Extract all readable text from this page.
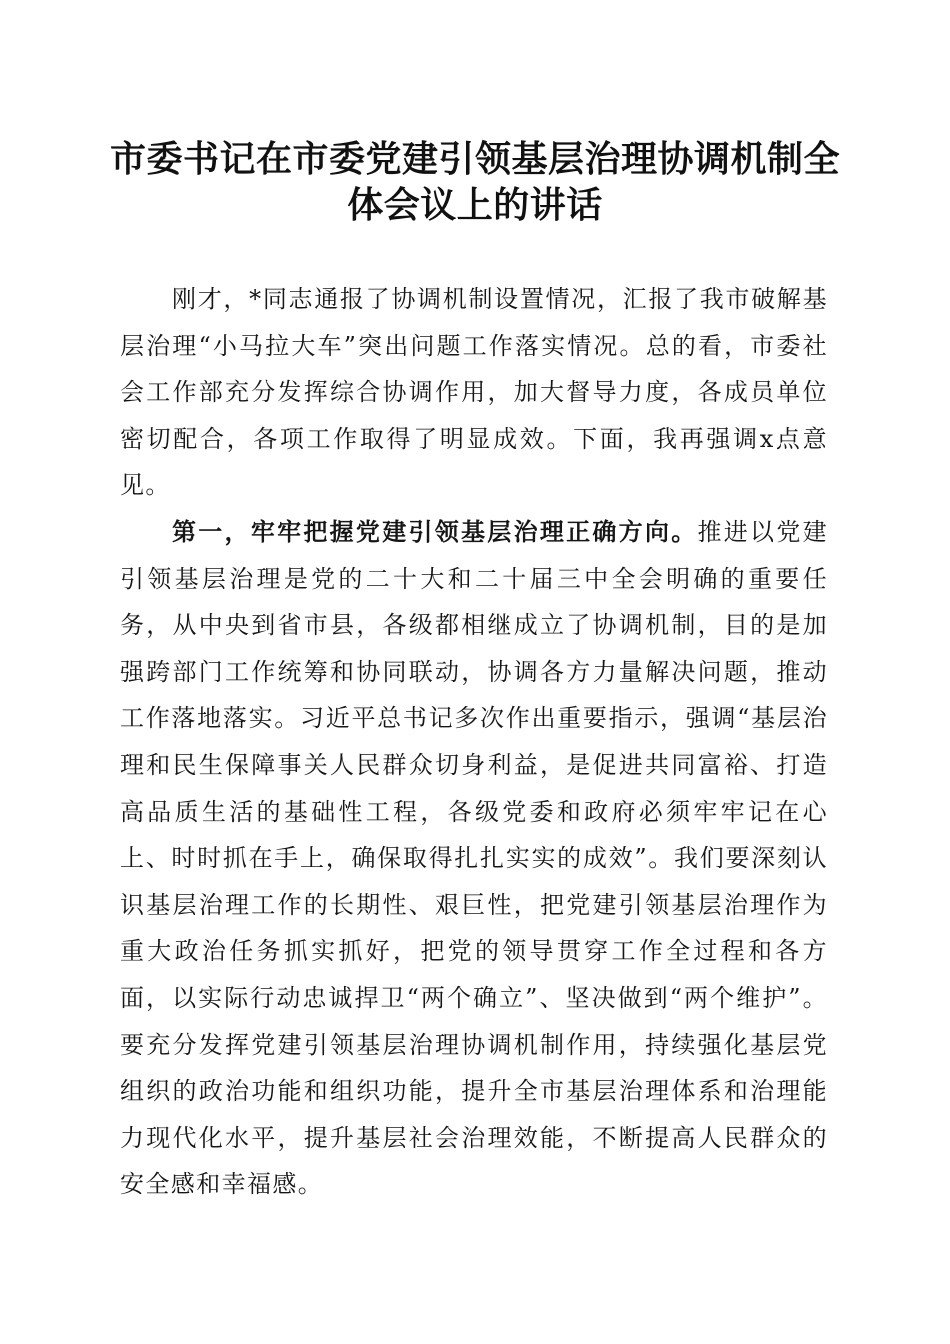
市委书记在市委党建引领基层治理协调机制全
体会议上的讲话

刚才，*同志通报了协调机制设置情况，汇报了我市破解基层治理“小马拉大车”突出问题工作落实情况。总的看，市委社会工作部充分发挥综合协调作用，加大督导力度，各成员单位密切配合，各项工作取得了明显成效。下面，我再强调x点意见。

第一，牢牢把握党建引领基层治理正确方向。推进以党建引领基层治理是党的二十大和二十届三中全会明确的重要任务，从中央到省市县，各级都相继成立了协调机制，目的是加强跨部门工作统筹和协同联动，协调各方力量解决问题，推动工作落地落实。习近平总书记多次作出重要指示，强调“基层治理和民生保障事关人民群众切身利益，是促进共同富裕、打造高品质生活的基础性工程，各级党委和政府必须牢牢记在心上、时时抓在手上，确保取得扎扎实实的成效”。我们要深刻认识基层治理工作的长期性、艰巨性，把党建引领基层治理作为重大政治任务抓实抓好，把党的领导贯穿工作全过程和各方面，以实际行动忠诚捍卫“两个确立”、坚决做到“两个维护”。要充分发挥党建引领基层治理协调机制作用，持续强化基层党组织的政治功能和组织功能，提升全市基层治理体系和治理能力现代化水平，提升基层社会治理效能，不断提高人民群众的安全感和幸福感。
